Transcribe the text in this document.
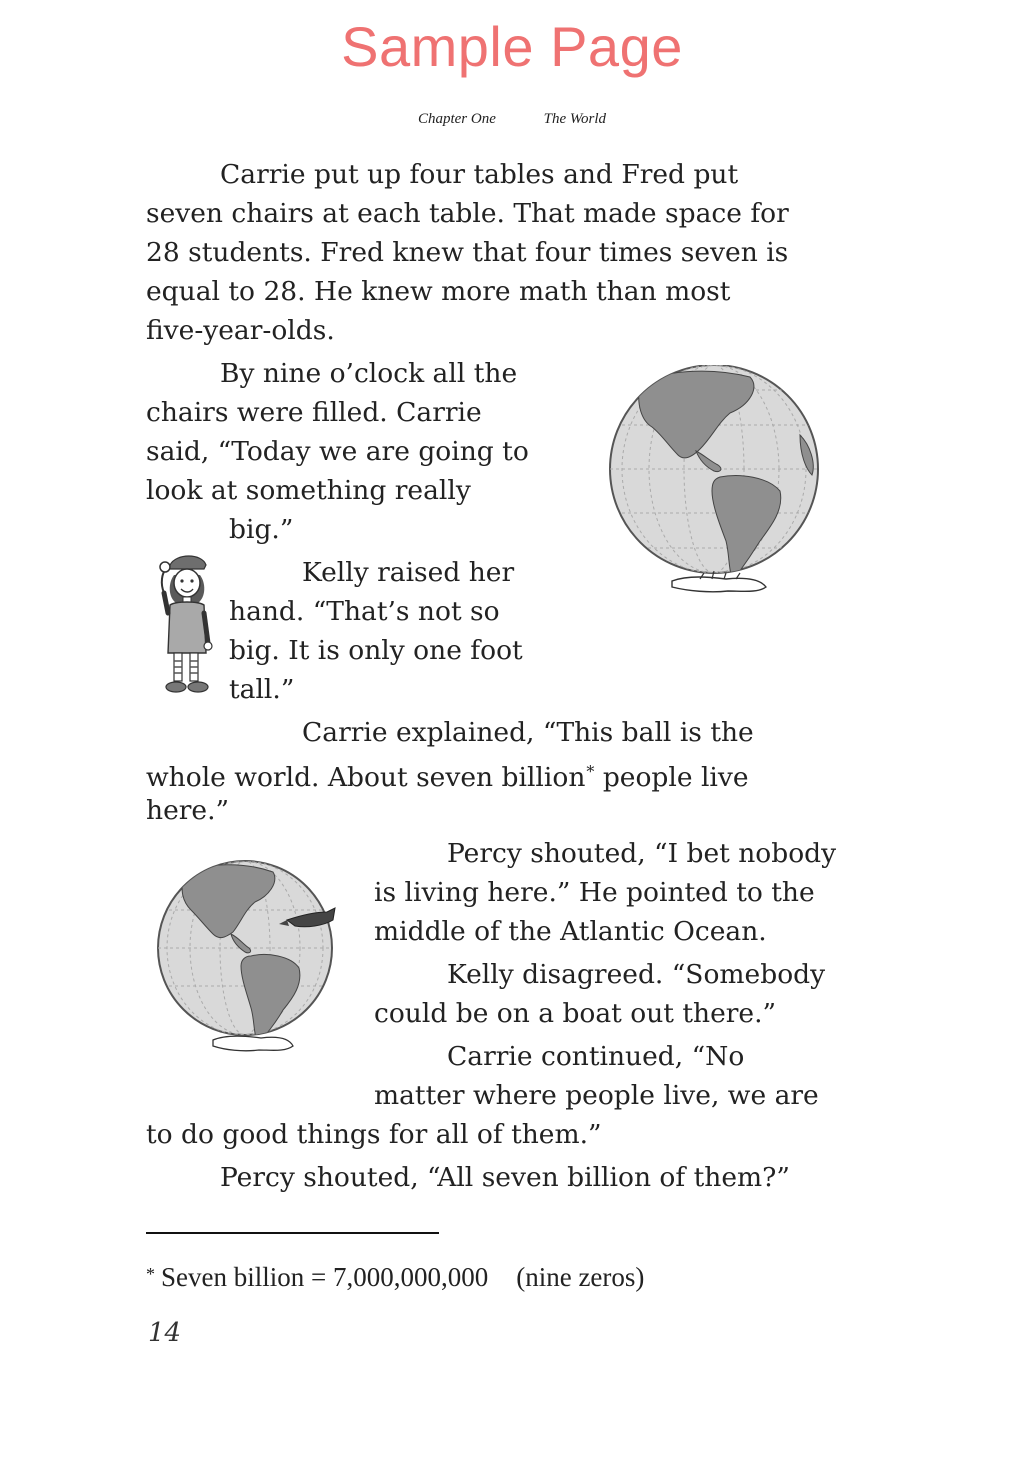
Sample Page
Chapter One	The World
Carrie put up four tables and Fred put
seven chairs at each table. That made space for
28 students. Fred knew that four times seven is
equal to 28. He knew more math than most
five-year-olds.
By nine o’clock all the
chairs were filled. Carrie
said, “Today we are going to
look at something really
big.”
Kelly raised her
hand. “That’s not so
big. It is only one foot
tall.”
Carrie explained, “This ball is the
whole world. About seven billion* people live
here.”
Percy shouted, “I bet nobody
is living here.” He pointed to the
middle of the Atlantic Ocean.
Kelly disagreed. “Somebody
could be on a boat out there.”
Carrie continued, “No
matter where people live, we are
to do good things for all of them.”
Percy shouted, “All seven billion of them?”
* Seven billion = 7,000,000,000 (nine zeros)
14
